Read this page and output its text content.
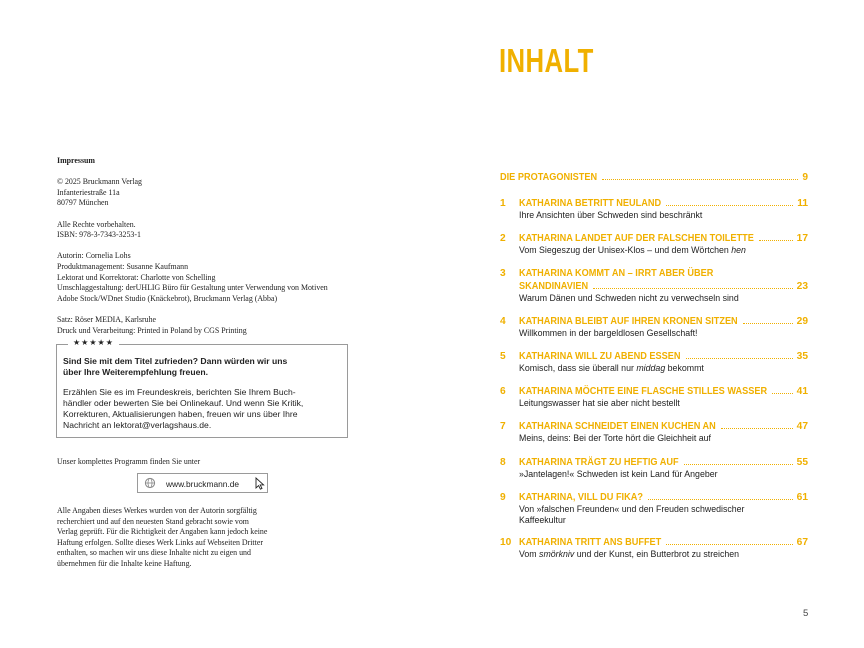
Impressum
© 2025 Bruckmann Verlag
Infanteriestraße 11a
80797 München
Alle Rechte vorbehalten.
ISBN: 978-3-7343-3253-1
Autorin: Cornelia Lohs
Produktmanagement: Susanne Kaufmann
Lektorat und Korrektorat: Charlotte von Schelling
Umschlaggestaltung: derUHLIG Büro für Gestaltung unter Verwendung von Motiven
Adobe Stock/WDnet Studio (Knäckebrot), Bruckmann Verlag (Abba)
Satz: Röser MEDIA, Karlsruhe
Druck und Verarbeitung: Printed in Poland by CGS Printing
★★★★★
Sind Sie mit dem Titel zufrieden? Dann würden wir uns
über Ihre Weiterempfehlung freuen.
Erzählen Sie es im Freundeskreis, berichten Sie Ihrem Buch-
händler oder bewerten Sie bei Onlinekauf. Und wenn Sie Kritik,
Korrekturen, Aktualisierungen haben, freuen wir uns über Ihre
Nachricht an lektorat@verlagshaus.de.
Unser komplettes Programm finden Sie unter
www.bruckmann.de
Alle Angaben dieses Werkes wurden von der Autorin sorgfältig
recherchiert und auf den neuesten Stand gebracht sowie vom
Verlag geprüft. Für die Richtigkeit der Angaben kann jedoch keine
Haftung erfolgen. Sollte dieses Werk Links auf Webseiten Dritter
enthalten, so machen wir uns diese Inhalte nicht zu eigen und
übernehmen für die Inhalte keine Haftung.
INHALT
DIE PROTAGONISTEN	9
1 KATHARINA BETRITT NEULAND	11
Ihre Ansichten über Schweden sind beschränkt
2 KATHARINA LANDET AUF DER FALSCHEN TOILETTE	17
Vom Siegeszug der Unisex-Klos – und dem Wörtchen hen
3 KATHARINA KOMMT AN – IRRT ABER ÜBER
SKANDINAVIEN	23
Warum Dänen und Schweden nicht zu verwechseln sind
4 KATHARINA BLEIBT AUF IHREN KRONEN SITZEN	29
Willkommen in der bargeldlosen Gesellschaft!
5 KATHARINA WILL ZU ABEND ESSEN	35
Komisch, dass sie überall nur middag bekommt
6 KATHARINA MÖCHTE EINE FLASCHE STILLES WASSER	41
Leitungswasser hat sie aber nicht bestellt
7 KATHARINA SCHNEIDET EINEN KUCHEN AN	47
Meins, deins: Bei der Torte hört die Gleichheit auf
8 KATHARINA TRÄGT ZU HEFTIG AUF	55
»Jantelagen!« Schweden ist kein Land für Angeber
9 KATHARINA, VILL DU FIKA?	61
Von »falschen Freunden« und den Freuden schwedischer
Kaffeekultur
10 KATHARINA TRITT ANS BUFFET	67
Vom smörkniv und der Kunst, ein Butterbrot zu streichen
5
